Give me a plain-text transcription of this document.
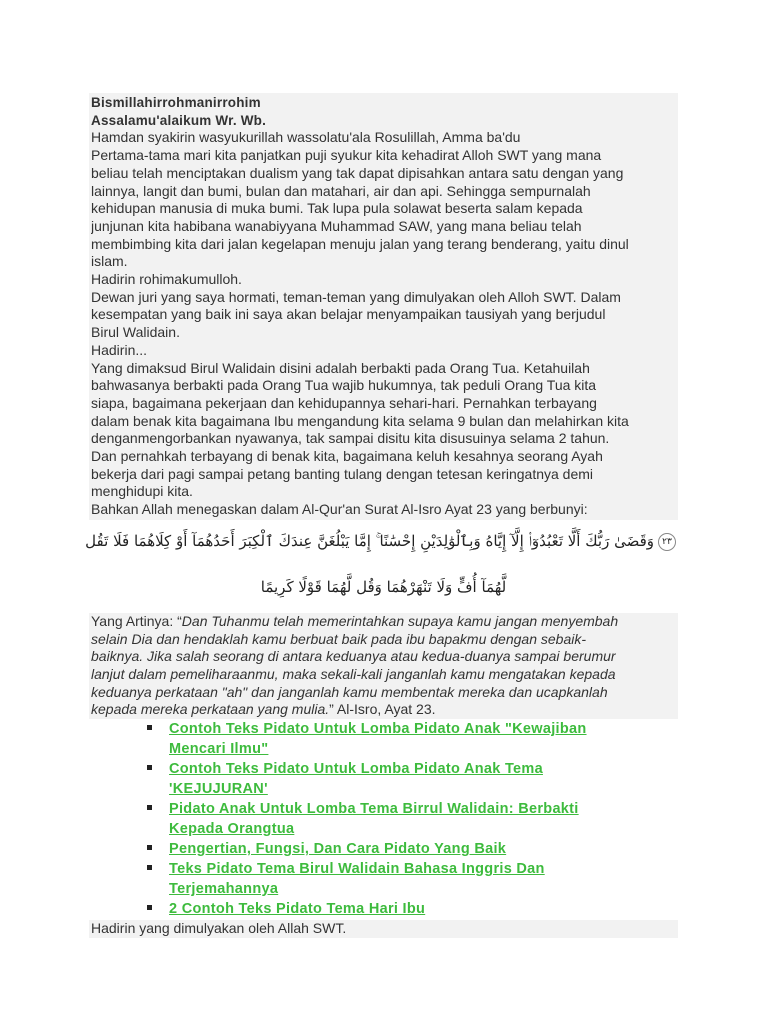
Bismillahirrohmanirrohim
Assalamu'alaikum Wr. Wb.
Hamdan syakirin wasyukurillah wassolatu'ala Rosulillah, Amma ba'du
Pertama-tama mari kita panjatkan puji syukur kita kehadirat Alloh SWT yang mana
beliau telah menciptakan dualism yang tak dapat dipisahkan antara satu dengan yang
lainnya, langit dan bumi, bulan dan matahari, air dan api. Sehingga sempurnalah
kehidupan manusia di muka bumi. Tak lupa pula solawat beserta salam kepada
junjunan kita habibana wanabiyyana Muhammad SAW, yang mana beliau telah
membimbing kita dari jalan kegelapan menuju jalan yang terang benderang, yaitu dinul
islam.
Hadirin rohimakumulloh.
Dewan juri yang saya hormati, teman-teman yang dimulyakan oleh Alloh SWT. Dalam
kesempatan yang baik ini saya akan belajar menyampaikan tausiyah yang berjudul
Birul Walidain.
Hadirin...
Yang dimaksud Birul Walidain disini adalah berbakti pada Orang Tua. Ketahuilah
bahwasanya berbakti pada Orang Tua wajib hukumnya, tak peduli Orang Tua kita
siapa, bagaimana pekerjaan dan kehidupannya sehari-hari. Pernahkan terbayang
dalam benak kita bagaimana Ibu mengandung kita selama 9 bulan dan melahirkan kita
denganmengorbankan nyawanya, tak sampai disitu kita disusuinya selama 2 tahun.
Dan pernahkah terbayang di benak kita, bagaimana keluh kesahnya seorang Ayah
bekerja dari pagi sampai petang banting tulang dengan tetesan keringatnya demi
menghidupi kita.
Bahkan Allah menegaskan dalam Al-Qur'an Surat Al-Isro Ayat 23 yang berbunyi:
٢٣وَقَضَىٰ رَبُّكَ أَلَّا تَعْبُدُوٓا۟ إِلَّآ إِيَّاهُ وَبِٱلْوَٰلِدَيْنِ إِحْسَٰنًا ۚ إِمَّا يَبْلُغَنَّ عِندَكَ ٱلْكِبَرَ أَحَدُهُمَآ أَوْ كِلَاهُمَا فَلَا تَقُل
لَّهُمَآ أُفٍّ وَلَا تَنْهَرْهُمَا وَقُل لَّهُمَا قَوْلًا كَرِيمًا
Yang Artinya: “Dan Tuhanmu telah memerintahkan supaya kamu jangan menyembah
selain Dia dan hendaklah kamu berbuat baik pada ibu bapakmu dengan sebaik-
baiknya. Jika salah seorang di antara keduanya atau kedua-duanya sampai berumur
lanjut dalam pemeliharaanmu, maka sekali-kali janganlah kamu mengatakan kepada
keduanya perkataan "ah" dan janganlah kamu membentak mereka dan ucapkanlah
kepada mereka perkataan yang mulia.” Al-Isro, Ayat 23.
Contoh Teks Pidato Untuk Lomba Pidato Anak "Kewajiban
Mencari Ilmu"
Contoh Teks Pidato Untuk Lomba Pidato Anak Tema
'KEJUJURAN'
Pidato Anak Untuk Lomba Tema Birrul Walidain: Berbakti
Kepada Orangtua
Pengertian, Fungsi, Dan Cara Pidato Yang Baik
Teks Pidato Tema Birul Walidain Bahasa Inggris Dan
Terjemahannya
2 Contoh Teks Pidato Tema Hari Ibu
Hadirin yang dimulyakan oleh Allah SWT.
